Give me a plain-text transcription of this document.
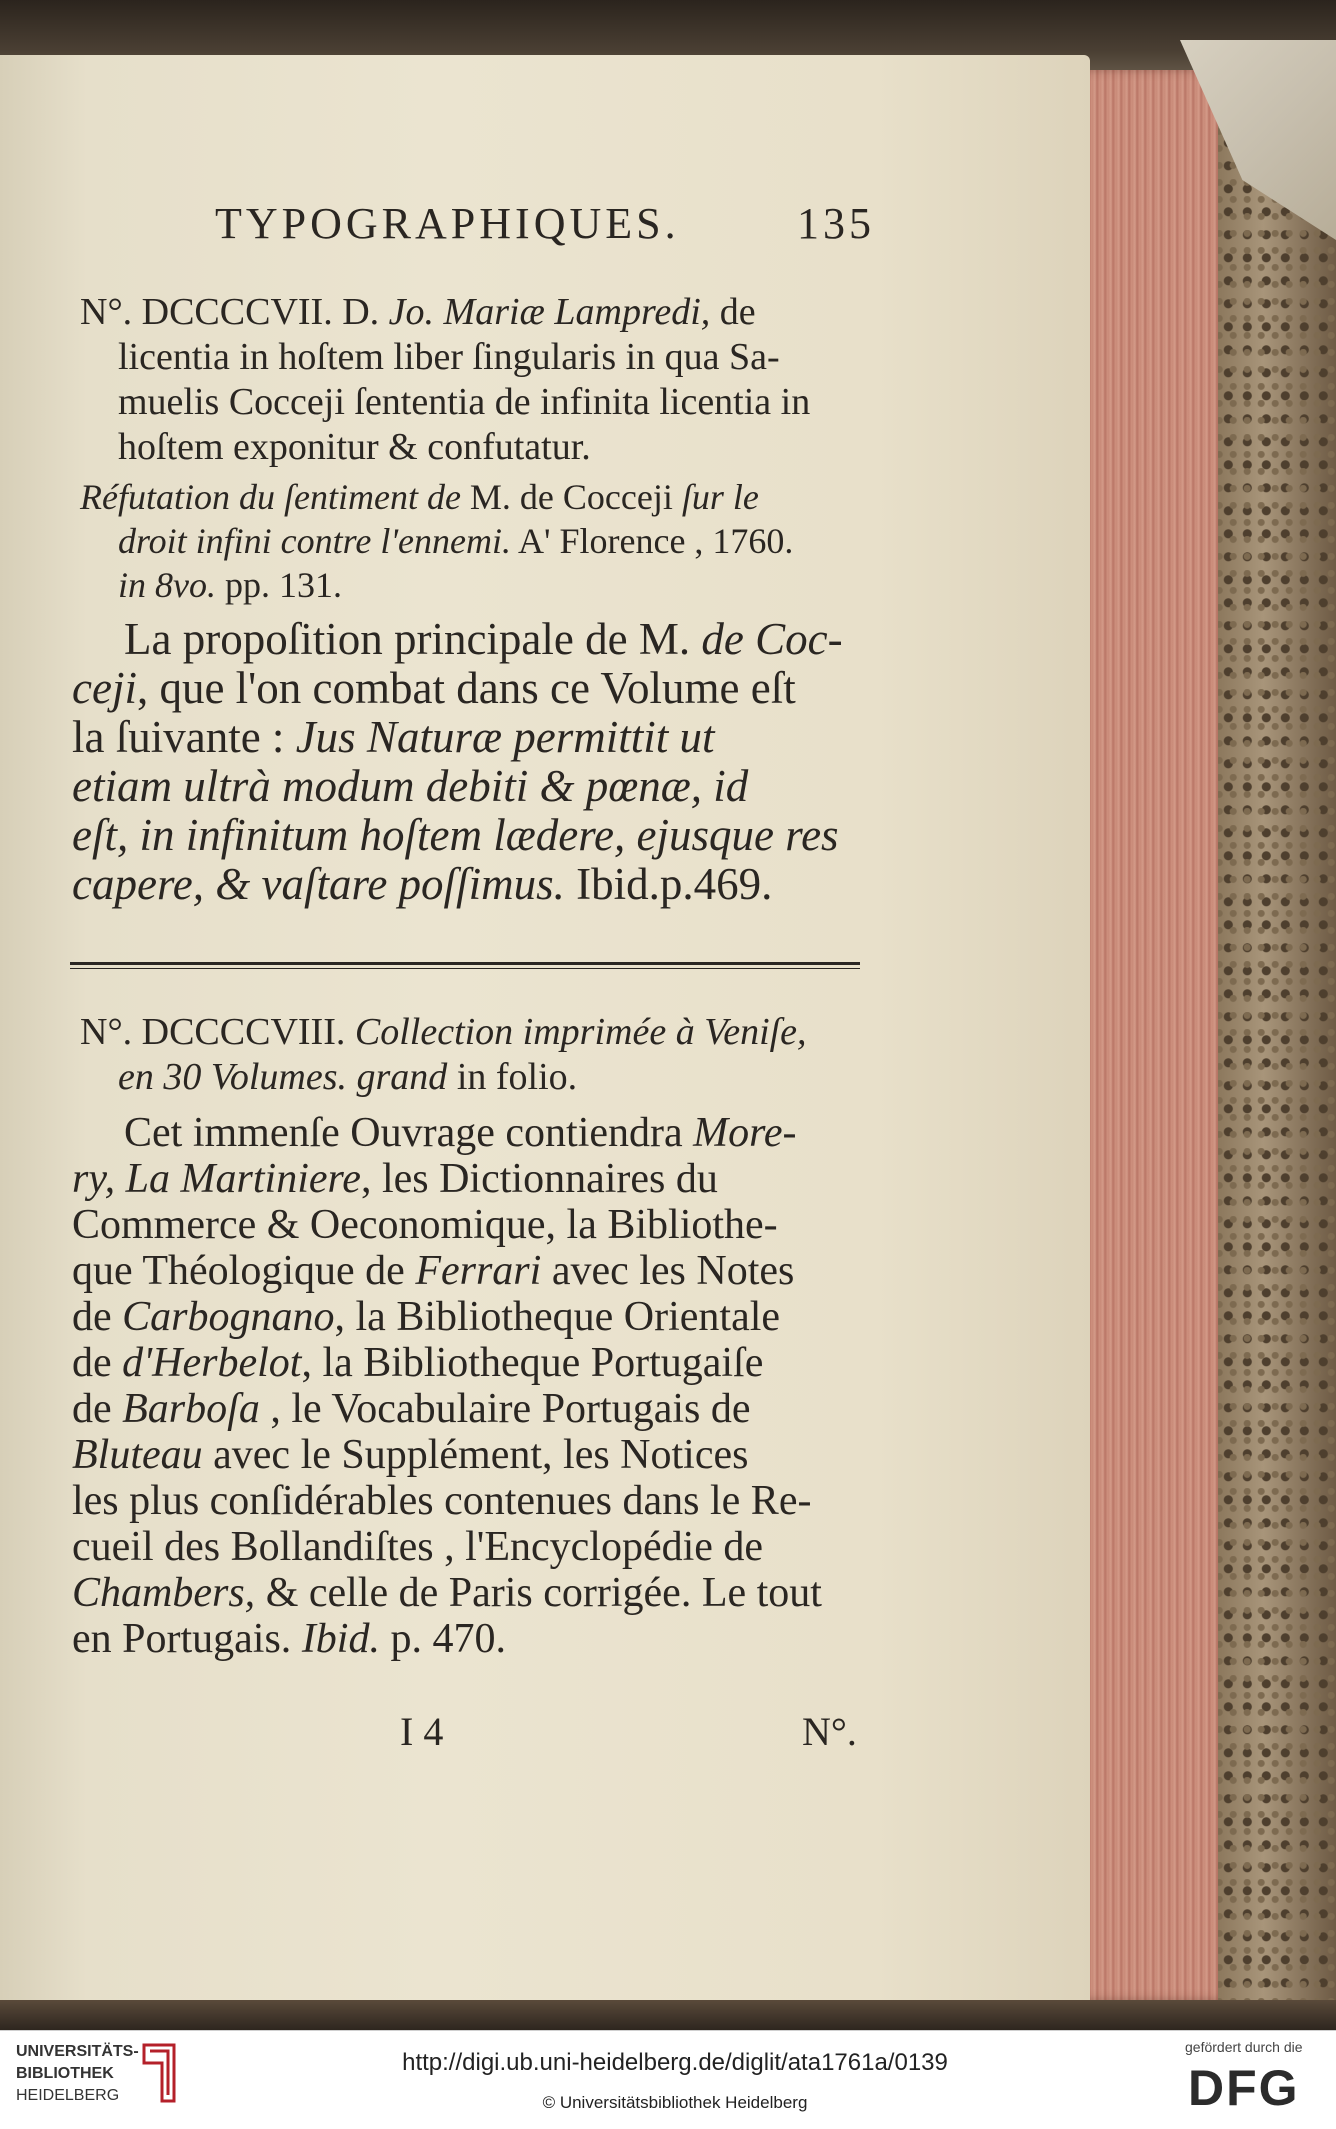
TYPOGRAPHIQUES.	135

N°. DCCCCVII. D. Jo. Mariæ Lampredi, de

licentia in hoſtem liber ſingularis in qua Sa-
muelis Cocceji ſententia de infinita licentia in
hoſtem exponitur & confutatur.
Réfutation du ſentiment de M. de Cocceji ſur le
droit infini contre l'ennemi. A' Florence , 1760.
in 8vo. pp. 131.
La propoſition principale de M. de Coc-
ceji, que l'on combat dans ce Volume eſt
la ſuivante : Jus Naturæ permittit ut
etiam ultrà modum debiti & pœnæ, id
eſt, in infinitum hoſtem lædere, ejusque res
capere, & vaſtare poſſimus. Ibid.p.469.
N°. DCCCCVIII. Collection imprimée à Veniſe,
en 30 Volumes. grand in folio.
Cet immenſe Ouvrage contiendra More-
ry, La Martiniere, les Dictionnaires du
Commerce & Oeconomique, la Bibliothe-
que Théologique de Ferrari avec les Notes
de Carbognano, la Bibliotheque Orientale
de d'Herbelot, la Bibliotheque Portugaiſe
de Barboſa , le Vocabulaire Portugais de
Bluteau avec le Supplément, les Notices
les plus conſidérables contenues dans le Re-
cueil des Bollandiſtes , l'Encyclopédie de
Chambers, & celle de Paris corrigée. Le tout
en Portugais. Ibid. p. 470.
I 4	N°.
UNIVERSITÄTS-
BIBLIOTHEK
HEIDELBERG
http://digi.ub.uni-heidelberg.de/diglit/ata1761a/0139
© Universitätsbibliothek Heidelberg
gefördert durch die
DFG
